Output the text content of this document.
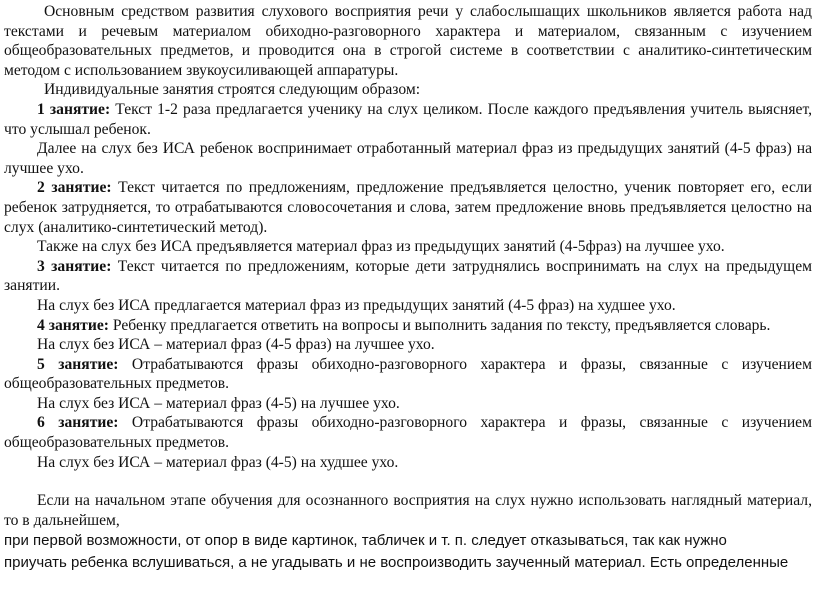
Основным средством развития слухового восприятия речи у слабослышащих школьников является работа над текстами и речевым материалом обиходно-разговорного характера и материалом, связанным с изучением общеобразовательных предметов, и проводится она в строгой системе в соответствии с аналитико-синтетическим методом с использованием звукоусиливающей аппаратуры.

Индивидуальные занятия строятся следующим образом:

1 занятие: Текст 1-2 раза предлагается ученику на слух целиком. После каждого предъявления учитель выясняет, что услышал ребенок.

Далее на слух без ИСА ребенок воспринимает отработанный материал фраз из предыдущих занятий (4-5 фраз) на лучшее ухо.

2 занятие: Текст читается по предложениям, предложение предъявляется целостно, ученик повторяет его, если ребенок затрудняется, то отрабатываются словосочетания и слова, затем предложение вновь предъявляется целостно на слух (аналитико-синтетический метод).

Также на слух без ИСА предъявляется материал фраз из предыдущих занятий (4-5фраз) на лучшее ухо.

3 занятие: Текст читается по предложениям, которые дети затруднялись воспринимать на слух на предыдущем занятии.

На слух без ИСА предлагается материал фраз из предыдущих занятий (4-5 фраз) на худшее ухо.

4 занятие: Ребенку предлагается ответить на вопросы и выполнить задания по тексту, предъявляется словарь.

На слух без ИСА – материал фраз (4-5 фраз) на лучшее ухо.

5 занятие: Отрабатываются фразы обиходно-разговорного характера и фразы, связанные с изучением общеобразовательных предметов.

На слух без ИСА – материал фраз (4-5) на лучшее ухо.

6 занятие: Отрабатываются фразы обиходно-разговорного характера и фразы, связанные с изучением общеобразовательных предметов.

На слух без ИСА – материал фраз (4-5) на худшее ухо.

Если на начальном этапе обучения для осознанного восприятия на слух нужно использовать наглядный материал, то в дальнейшем,

при первой возможности, от опор в виде картинок, табличек и т. п. следует отказываться, так как нужно

приучать ребенка вслушиваться, а не угадывать и не воспроизводить заученный материал. Есть определенные
